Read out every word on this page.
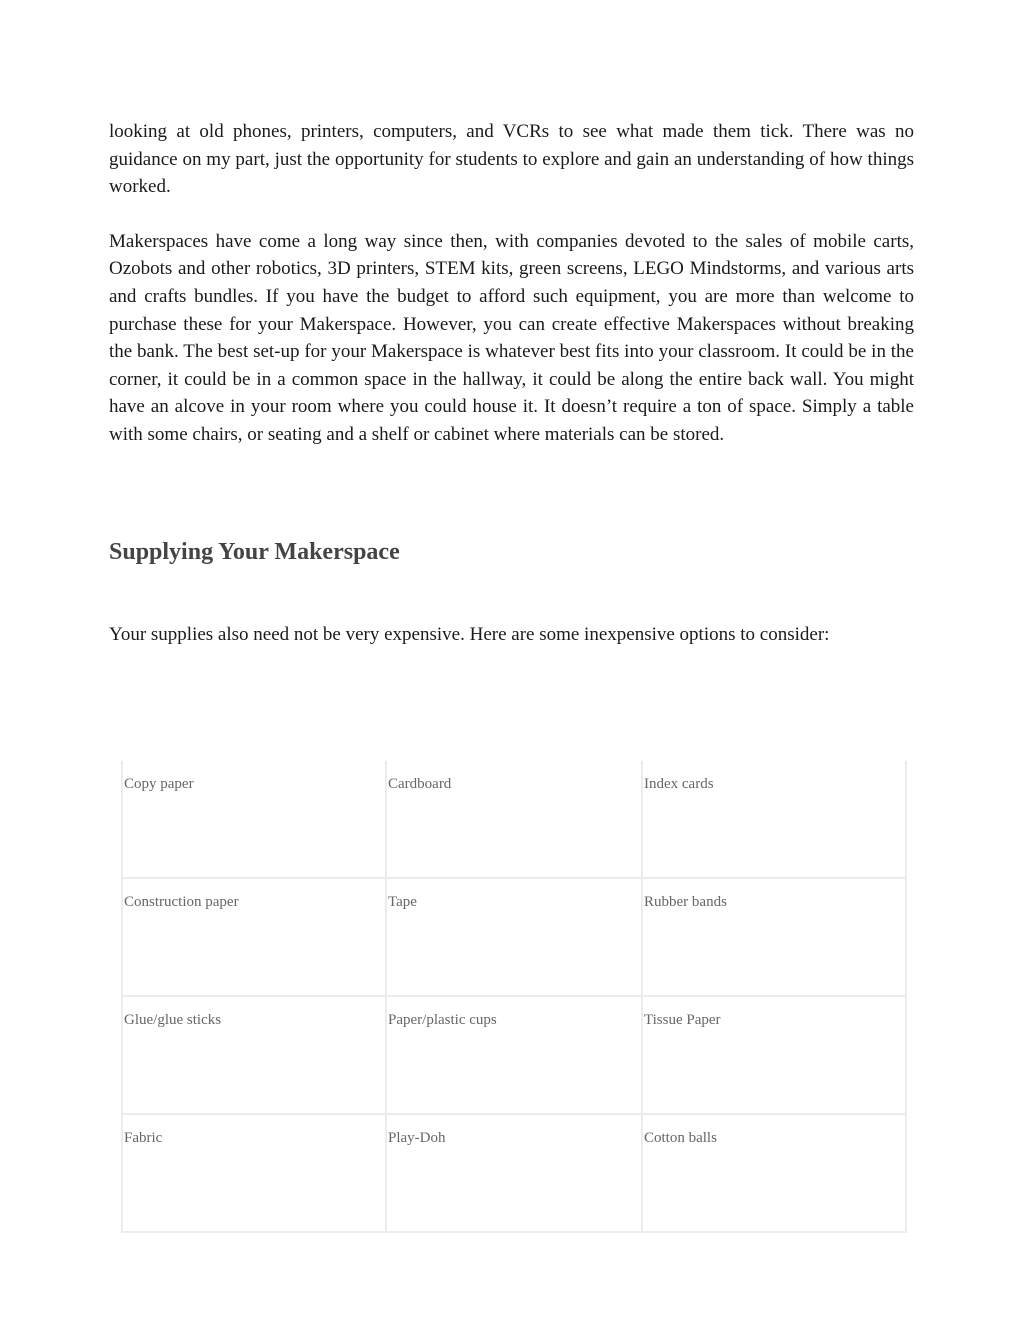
looking at old phones, printers, computers, and VCRs to see what made them tick. There was no guidance on my part, just the opportunity for students to explore and gain an understanding of how things worked.

Makerspaces have come a long way since then, with companies devoted to the sales of mobile carts, Ozobots and other robotics, 3D printers, STEM kits, green screens, LEGO Mindstorms, and various arts and crafts bundles. If you have the budget to afford such equipment, you are more than welcome to purchase these for your Makerspace. However, you can create effective Makerspaces without breaking the bank. The best set-up for your Makerspace is whatever best fits into your classroom. It could be in the corner, it could be in a common space in the hallway, it could be along the entire back wall. You might have an alcove in your room where you could house it. It doesn’t require a ton of space. Simply a table with some chairs, or seating and a shelf or cabinet where materials can be stored.

Supplying Your Makerspace

Your supplies also need not be very expensive. Here are some inexpensive options to consider:

Copy paper	Cardboard	Index cards
Construction paper	Tape	Rubber bands
Glue/glue sticks	Paper/plastic cups	Tissue Paper
Fabric	Play-Doh	Cotton balls
